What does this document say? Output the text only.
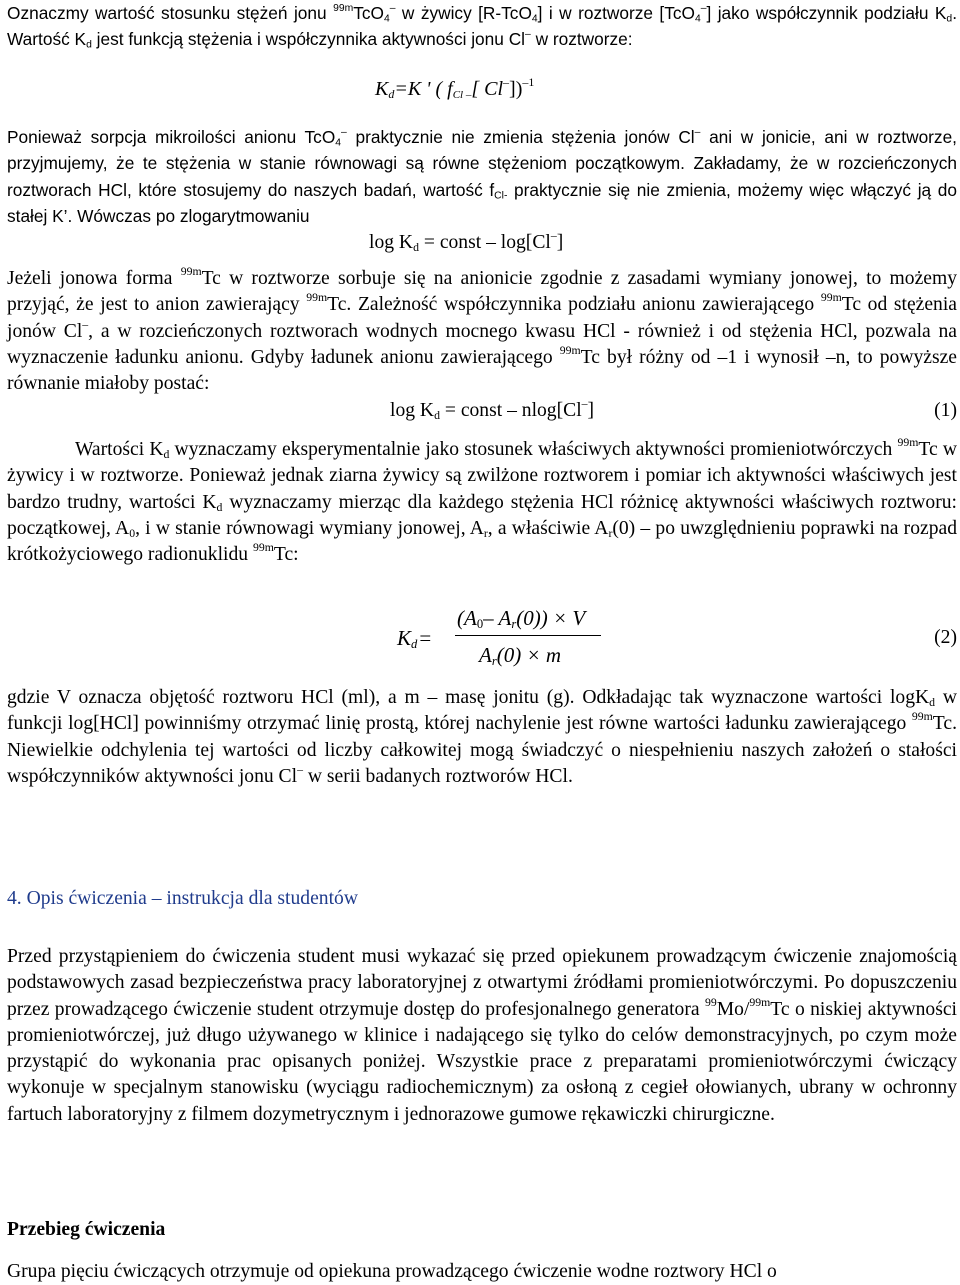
Oznaczmy wartość stosunku stężeń jonu $^{99m}$TcO$_4$– w żywicy [R-TcO$_4$] i w roztworze [TcO$_4$–] jako współczynnik podziału $K_d$. Wartość $K_d$ jest funkcją stężenia i współczynnika aktywności jonu Cl– w roztworze:

$K_d=K$ ' ( $f_{Cl -}$[ Cl–])$^{-1}$

Ponieważ sorpcja mikroilości anionu TcO$_4$– praktycznie nie zmienia stężenia jonów Cl– ani w jonicie, ani w roztworze, przyjmujemy, że te stężenia w stanie równowagi są równe stężeniom początkowym. Zakładamy, że w rozcieńczonych roztworach HCl, które stosujemy do naszych badań, wartość $f_{Cl-}$ praktycznie się nie zmienia, możemy więc włączyć ją do stałej K’. Wówczas po zlogarytmowaniu

$\log K_d$ = const – log[Cl–]

Jeżeli jonowa forma $^{99m}$Tc w roztworze sorbuje się na anionicie zgodnie z zasadami wymiany jonowej, to możemy przyjąć, że jest to anion zawierający $^{99m}$Tc. Zależność współczynnika podziału anionu zawierającego $^{99m}$Tc od stężenia jonów Cl–, a w rozcieńczonych roztworach wodnych mocnego kwasu HCl - również i od stężenia HCl, pozwala na wyznaczenie ładunku anionu. Gdyby ładunek anionu zawierającego $^{99m}$Tc był różny od –1 i wynosił –n, to powyższe równanie miałoby postać:

$\log K_d$ = const – nlog[Cl–]	(1)

Wartości $K_d$ wyznaczamy eksperymentalnie jako stosunek właściwych aktywności promieniotwórczych $^{99m}$Tc w żywicy i w roztworze. Ponieważ jednak ziarna żywicy są zwilżone roztworem i pomiar ich aktywności właściwych jest bardzo trudny, wartości $K_d$ wyznaczamy mierząc dla każdego stężenia HCl różnicę aktywności właściwych roztworu: początkowej, $A_0$, i w stanie równowagi wymiany jonowej, $A_r$, a właściwie $A_r(0)$ – po uwzględnieniu poprawki na rozpad krótkożyciowego radionuklidu $^{99m}$Tc:

$K_d=$
($A_0-$ $A_r(0)) \times V$
$A_r(0) \times m$
(2)

gdzie V oznacza objętość roztworu HCl (ml), a m – masę jonitu (g). Odkładając tak wyznaczone wartości logK$_d$ w funkcji log[HCl] powinniśmy otrzymać linię prostą, której nachylenie jest równe wartości ładunku zawierającego $^{99m}$Tc. Niewielkie odchylenia tej wartości od liczby całkowitej mogą świadczyć o niespełnieniu naszych założeń o stałości współczynników aktywności jonu Cl– w serii badanych roztworów HCl.

4. Opis ćwiczenia – instrukcja dla studentów

Przed przystąpieniem do ćwiczenia student musi wykazać się przed opiekunem prowadzącym ćwiczenie znajomością podstawowych zasad bezpieczeństwa pracy laboratoryjnej z otwartymi źródłami promieniotwórczymi. Po dopuszczeniu przez prowadzącego ćwiczenie student otrzymuje dostęp do profesjonalnego generatora $^{99}$Mo/$^{99m}$Tc o niskiej aktywności promieniotwórczej, już długo używanego w klinice i nadającego się tylko do celów demonstracyjnych, po czym może przystąpić do wykonania prac opisanych poniżej. Wszystkie prace z preparatami promieniotwórczymi ćwiczący wykonuje w specjalnym stanowisku (wyciągu radiochemicznym) za osłoną z cegieł ołowianych, ubrany w ochronny fartuch laboratoryjny z filmem dozymetrycznym i jednorazowe gumowe rękawiczki chirurgiczne.

Przebieg ćwiczenia

Grupa pięciu ćwiczących otrzymuje od opiekuna prowadzącego ćwiczenie wodne roztwory HCl o
